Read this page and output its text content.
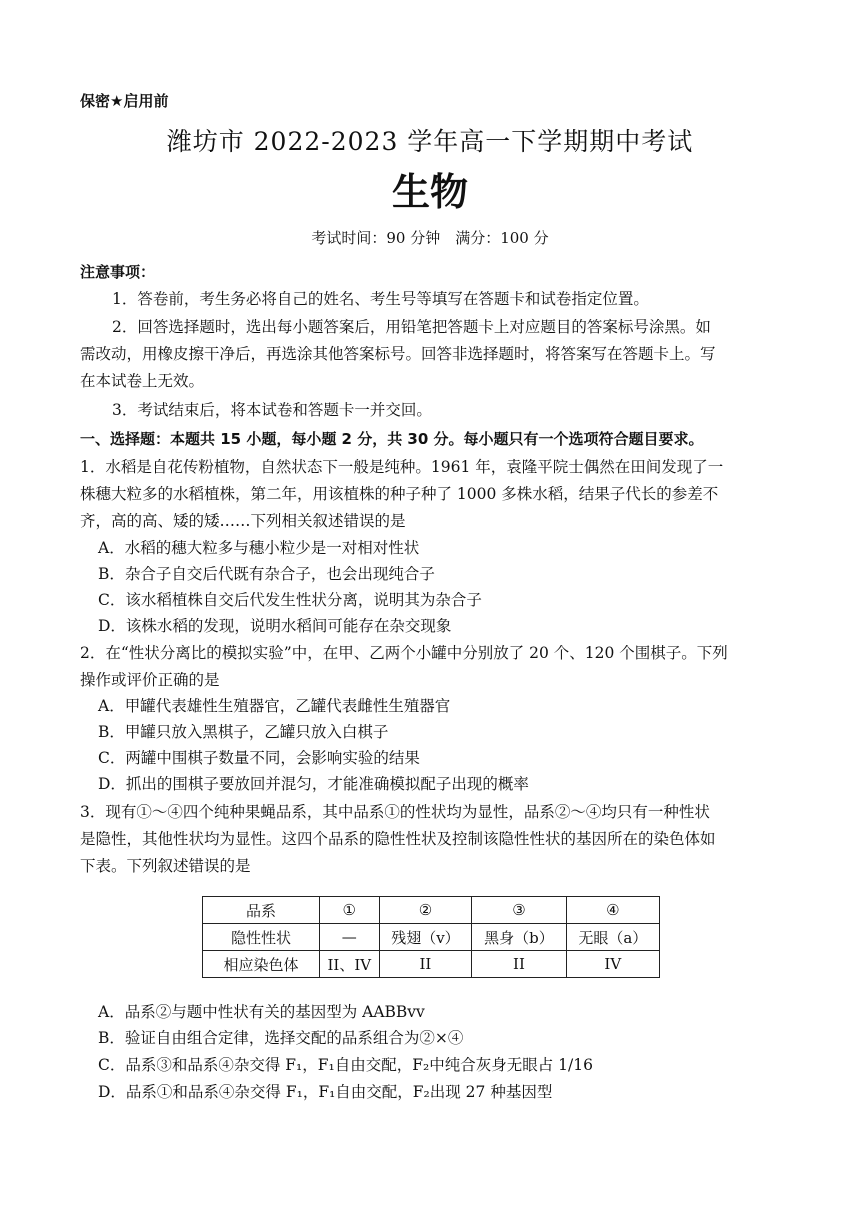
保密★启用前
潍坊市 2022-2023 学年高一下学期期中考试
生物
考试时间：90 分钟　满分：100 分
注意事项：
1．答卷前，考生务必将自己的姓名、考生号等填写在答题卡和试卷指定位置。
2．回答选择题时，选出每小题答案后，用铅笔把答题卡上对应题目的答案标号涂黑。如
需改动，用橡皮擦干净后，再选涂其他答案标号。回答非选择题时，将答案写在答题卡上。写
在本试卷上无效。
3．考试结束后，将本试卷和答题卡一并交回。
一、选择题：本题共 15 小题，每小题 2 分，共 30 分。每小题只有一个选项符合题目要求。
1．水稻是自花传粉植物，自然状态下一般是纯种。1961 年，袁隆平院士偶然在田间发现了一
株穗大粒多的水稻植株，第二年，用该植株的种子种了 1000 多株水稻，结果子代长的参差不
齐，高的高、矮的矮……下列相关叙述错误的是
A．水稻的穗大粒多与穗小粒少是一对相对性状
B．杂合子自交后代既有杂合子，也会出现纯合子
C．该水稻植株自交后代发生性状分离，说明其为杂合子
D．该株水稻的发现，说明水稻间可能存在杂交现象
2．在“性状分离比的模拟实验”中，在甲、乙两个小罐中分别放了 20 个、120 个围棋子。下列
操作或评价正确的是
A．甲罐代表雄性生殖器官，乙罐代表雌性生殖器官
B．甲罐只放入黑棋子，乙罐只放入白棋子
C．两罐中围棋子数量不同，会影响实验的结果
D．抓出的围棋子要放回并混匀，才能准确模拟配子出现的概率
3．现有①～④四个纯种果蝇品系，其中品系①的性状均为显性，品系②～④均只有一种性状
是隐性，其他性状均为显性。这四个品系的隐性性状及控制该隐性性状的基因所在的染色体如
下表。下列叙述错误的是
品系	①	②	③	④
隐性性状	—	残翅（v）	黑身（b）	无眼（a）
相应染色体	II、IV	II	II	IV
A．品系②与题中性状有关的基因型为 AABBvv
B．验证自由组合定律，选择交配的品系组合为②×④
C．品系③和品系④杂交得 F₁，F₁自由交配，F₂中纯合灰身无眼占 1/16
D．品系①和品系④杂交得 F₁，F₁自由交配，F₂出现 27 种基因型
